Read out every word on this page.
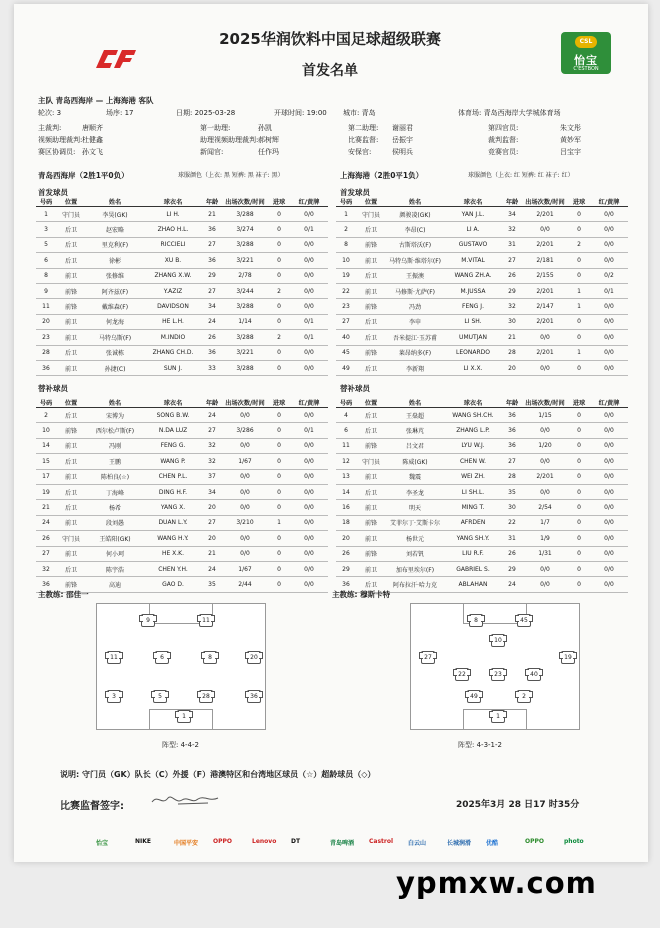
CSL
怡宝
C'ESTBON
2025华润饮料中国足球超级联赛
首发名单
主队 青岛西海岸 — 上海海港 客队
轮次: 3	场序: 17	日期: 2025-03-28	开球时间: 19:00 城市: 青岛	体育场: 青岛西海岸大学城体育场
主裁判:	唐顺齐	第一助理:	孙凯	第二助理: 谢丽君	第四官员:	朱文彤
视频助理裁判: 杜健鑫	助理视频助理裁判: 郝树辉	比赛监督: 岳振宇	裁判监督:	黄妙军
赛区协调员: 孙文飞	新闻官:	任作玛	安保官:	侯明兵	竞赛官员:	吕宝宇
青岛西海岸（2胜1平0负）	球服颜色（上衣: 黑 短裤: 黑 袜子: 黑）	上海海港（2胜0平1负）	球服颜色（上衣: 红 短裤: 红 袜子: 红）
首发球员	首发球员
号码	位置	姓名	球衣名	年龄	出场次数/时间	进球	红/黄牌
1	守门员	李昊(GK)	LI H.	21	3/288	0	0/0
3	后卫	赵宏略	ZHAO H.L.	36	3/274	0	0/1
5	后卫	里克利(F)	RICCIELI	27	3/288	0	0/0
6	后卫	徐彬	XU B.	36	3/221	0	0/0
8	前卫	张修维	ZHANG X.W.	29	2/78	0	0/0
9	前锋	阿齐兹(F)	Y.AZIZ	27	3/244	2	0/0
11	前锋	戴维森(F)	DAVIDSON	34	3/288	0	0/0
20	前卫	何龙海	HE L.H.	24	1/14	0	0/1
23	前卫	马特乌斯(F)	M.INDIO	26	3/288	2	0/1
28	后卫	张诚栋	ZHANG CH.D.	36	3/221	0	0/0
36	前卫	孙捷(C)	SUN J.	33	3/288	0	0/0
号码	位置	姓名	球衣名	年龄	出场次数/时间	进球	红/黄牌
1	守门员	颜骏凌(GK)	YAN J.L.	34	2/201	0	0/0
2	后卫	李昂(C)	LI A.	32	0/0	0	0/0
8	前锋	古斯塔沃(F)	GUSTAVO	31	2/201	2	0/0
10	前卫	马特乌斯·维塔尔(F)	M.VITAL	27	2/181	0	0/0
19	后卫	王振澳	WANG ZH.A.	26	2/155	0	0/2
22	前卫	马修斯·尤萨(F)	M.JUSSA	29	2/201	1	0/1
23	前锋	冯劲	FENG J.	32	2/147	1	0/0
27	后卫	李申	LI SH.	30	2/201	0	0/0
40	后卫	吾米提江·玉苏甫	UMUTJAN	21	0/0	0	0/0
45	前锋	莱昂纳多(F)	LEONARDO	28	2/201	1	0/0
49	后卫	李新翔	LI X.X.	20	0/0	0	0/0
替补球员	替补球员
号码	位置	姓名	球衣名	年龄	出场次数/时间	进球	红/黄牌
2	后卫	宋博为	SONG B.W.	24	0/0	0	0/0
10	前锋	西尔松卢斯(F)	N.DA LUZ	27	3/286	0	0/1
14	前卫	冯刚	FENG G.	32	0/0	0	0/0
15	后卫	王鹏	WANG P.	32	1/67	0	0/0
17	前卫	陈柏良(☆)	CHEN P.L.	37	0/0	0	0/0
19	后卫	丁海峰	DING H.F.	34	0/0	0	0/0
21	后卫	杨希	YANG X.	20	0/0	0	0/0
24	前卫	段刘愚	DUAN L.Y.	27	3/210	1	0/0
26	守门员	王皓阳(GK)	WANG H.Y.	20	0/0	0	0/0
27	前卫	何小珂	HE X.K.	21	0/0	0	0/0
32	后卫	陈宇浩	CHEN Y.H.	24	1/67	0	0/0
36	前锋	高迪	GAO D.	35	2/44	0	0/0
号码	位置	姓名	球衣名	年龄	出场次数/时间	进球	红/黄牌
4	后卫	王燊超	WANG SH.CH.	36	1/15	0	0/0
6	后卫	张琳芃	ZHANG L.P.	36	0/0	0	0/0
11	前锋	吕文君	LYU W.J.	36	1/20	0	0/0
12	守门员	陈威(GK)	CHEN W.	27	0/0	0	0/0
13	前卫	魏震	WEI ZH.	28	2/201	0	0/0
14	后卫	李圣龙	LI SH.L.	35	0/0	0	0/0
16	前卫	明天	MING T.	30	2/54	0	0/0
18	前锋	艾菲尔丁·艾斯卡尔	AFRDEN	22	1/7	0	0/0
20	前卫	杨世元	YANG SH.Y.	31	1/9	0	0/0
26	前锋	刘若钒	LIU R.F.	26	1/31	0	0/0
29	前卫	加布里埃尔(F)	GABRIEL S.	29	0/0	0	0/0
36	后卫	阿布拉汗·哈力克	ABLAHAN	24	0/0	0	0/0
主教练: 邵佳一	主教练: 穆斯卡特
9	11
11	6	8	20
3	5	28	36
1
8	45
10
27	19
22	23	40
49	2
1
阵型: 4-4-2	阵型: 4-3-1-2
说明: 守门员（GK）队长（C）外援（F）港澳特区和台湾地区球员（☆）超龄球员（◇）
比赛监督签字:	2025年3月 28 日17 时35分
怡宝	NIKE	中国平安 OPPO	Lenovo DT	青岛啤酒 Castrol 白云山	长城润滑 优酷	OPPO	photo
ypmxw.com
